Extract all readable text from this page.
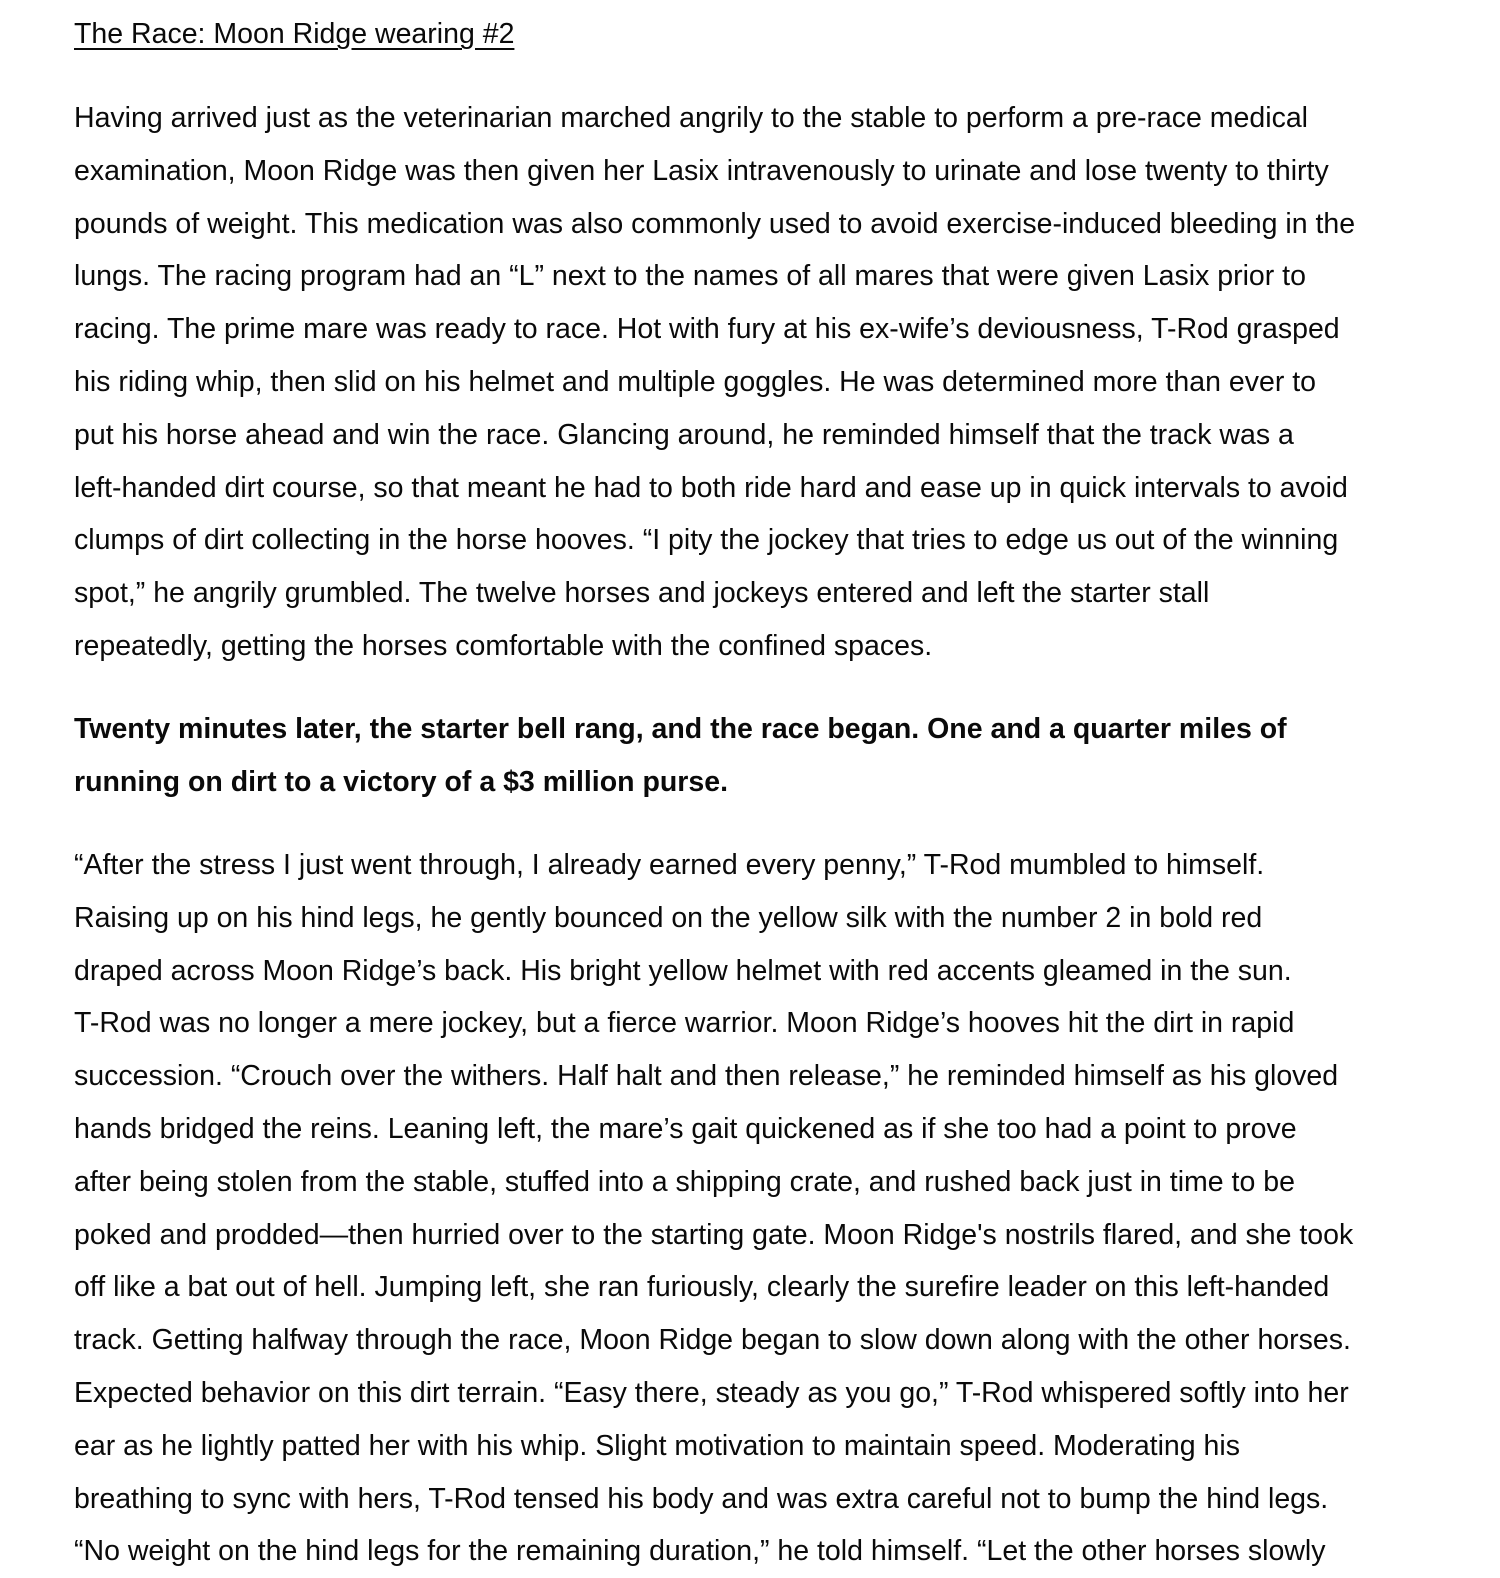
The Race: Moon Ridge wearing #2

Having arrived just as the veterinarian marched angrily to the stable to perform a pre-race medical
examination, Moon Ridge was then given her Lasix intravenously to urinate and lose twenty to thirty
pounds of weight. This medication was also commonly used to avoid exercise-induced bleeding in the
lungs. The racing program had an “L” next to the names of all mares that were given Lasix prior to
racing. The prime mare was ready to race. Hot with fury at his ex-wife’s deviousness, T-Rod grasped
his riding whip, then slid on his helmet and multiple goggles. He was determined more than ever to
put his horse ahead and win the race. Glancing around, he reminded himself that the track was a
left-handed dirt course, so that meant he had to both ride hard and ease up in quick intervals to avoid
clumps of dirt collecting in the horse hooves. “I pity the jockey that tries to edge us out of the winning
spot,” he angrily grumbled. The twelve horses and jockeys entered and left the starter stall
repeatedly, getting the horses comfortable with the confined spaces.

Twenty minutes later, the starter bell rang, and the race began. One and a quarter miles of
running on dirt to a victory of a $3 million purse.

“After the stress I just went through, I already earned every penny,” T-Rod mumbled to himself.
Raising up on his hind legs, he gently bounced on the yellow silk with the number 2 in bold red
draped across Moon Ridge’s back. His bright yellow helmet with red accents gleamed in the sun.
T-Rod was no longer a mere jockey, but a fierce warrior. Moon Ridge’s hooves hit the dirt in rapid
succession. “Crouch over the withers. Half halt and then release,” he reminded himself as his gloved
hands bridged the reins. Leaning left, the mare’s gait quickened as if she too had a point to prove
after being stolen from the stable, stuffed into a shipping crate, and rushed back just in time to be
poked and prodded—then hurried over to the starting gate. Moon Ridge's nostrils flared, and she took
off like a bat out of hell. Jumping left, she ran furiously, clearly the surefire leader on this left-handed
track. Getting halfway through the race, Moon Ridge began to slow down along with the other horses.
Expected behavior on this dirt terrain. “Easy there, steady as you go,” T-Rod whispered softly into her
ear as he lightly patted her with his whip. Slight motivation to maintain speed. Moderating his
breathing to sync with hers, T-Rod tensed his body and was extra careful not to bump the hind legs.
“No weight on the hind legs for the remaining duration,” he told himself. “Let the other horses slowly
